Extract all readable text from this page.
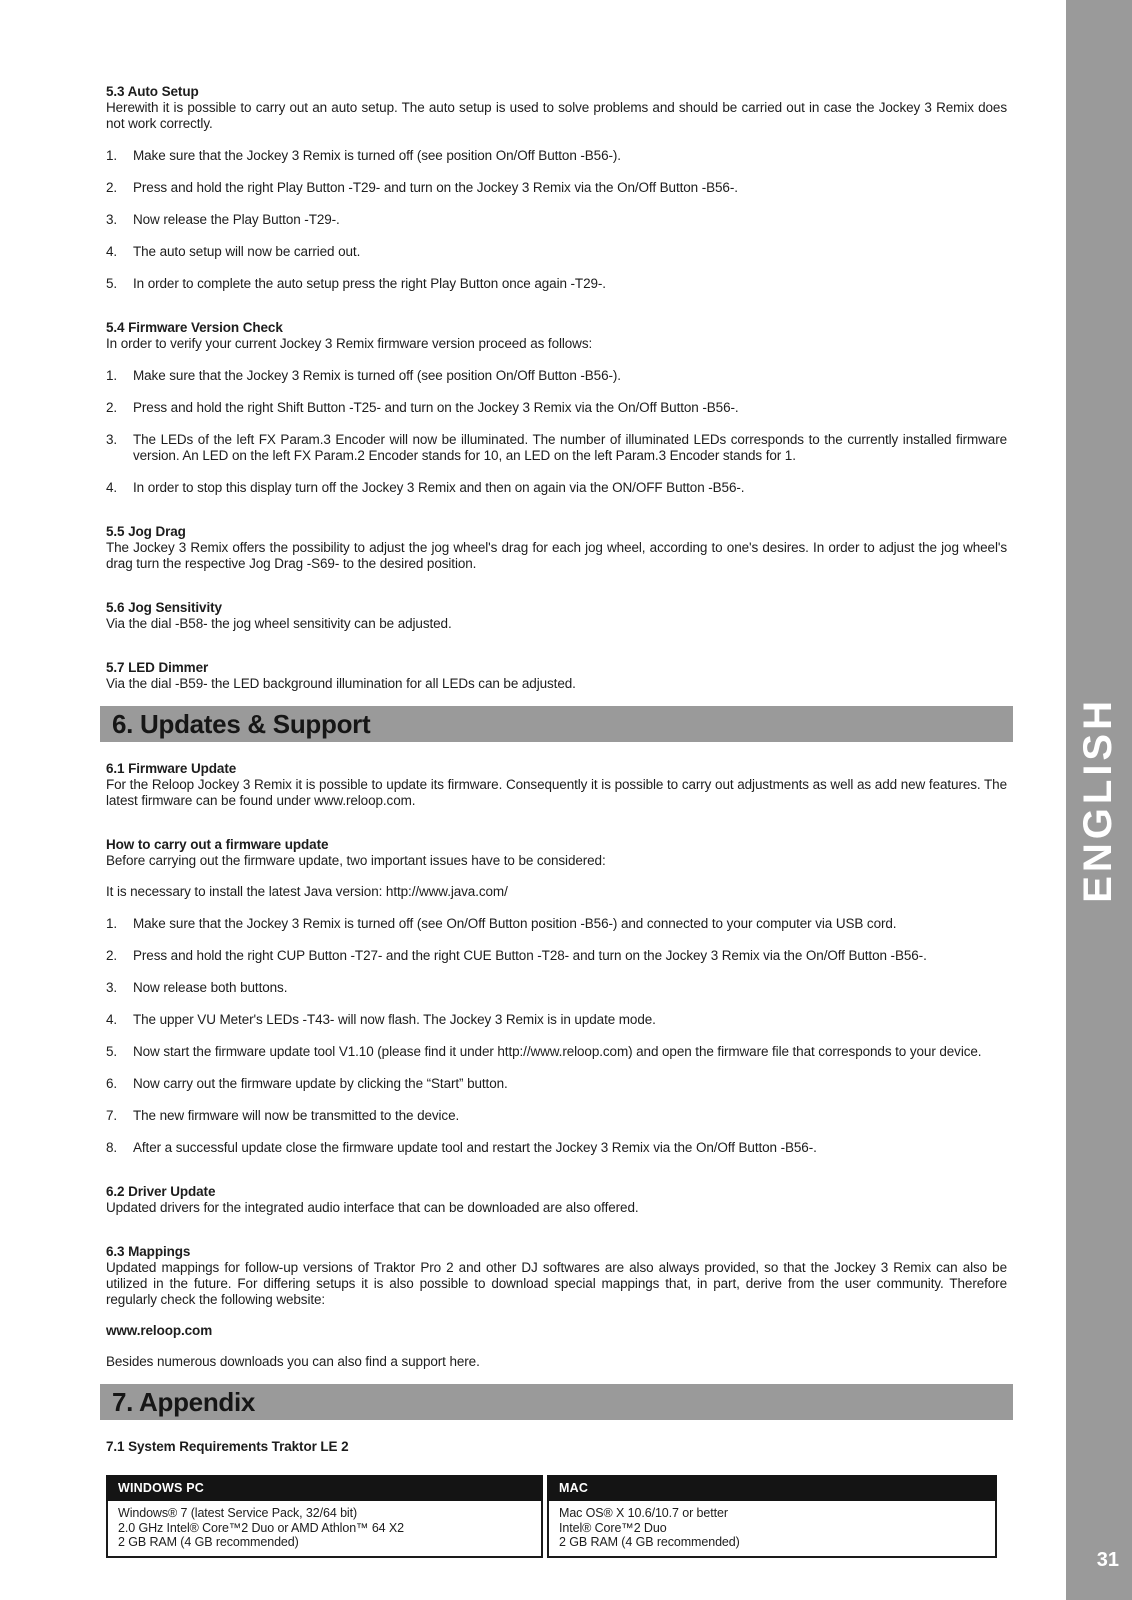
5.3 Auto Setup

Herewith it is possible to carry out an auto setup. The auto setup is used to solve problems and should be carried out in case the Jockey 3 Remix does not work correctly.

1.	Make sure that the Jockey 3 Remix is turned off (see position On/Off Button -B56-).
2.	Press and hold the right Play Button -T29- and turn on the Jockey 3 Remix via the On/Off Button -B56-.
3.	Now release the Play Button -T29-.
4.	The auto setup will now be carried out.
5.	In order to complete the auto setup press the right Play Button once again -T29-.
5.4 Firmware Version Check

In order to verify your current Jockey 3 Remix firmware version proceed as follows:

1.	Make sure that the Jockey 3 Remix is turned off (see position On/Off Button -B56-).
2.	Press and hold the right Shift Button -T25- and turn on the Jockey 3 Remix via the On/Off Button -B56-.
3.	The LEDs of the left FX Param.3 Encoder will now be illuminated. The number of illuminated LEDs corresponds to the currently installed firmware version. An LED on the left FX Param.2 Encoder stands for 10, an LED on the left Param.3 Encoder stands for 1.
4.	In order to stop this display turn off the Jockey 3 Remix and then on again via the ON/OFF Button -B56-.
5.5 Jog Drag

The Jockey 3 Remix offers the possibility to adjust the jog wheel's drag for each jog wheel, according to one's desires. In order to adjust the jog wheel's drag turn the respective Jog Drag -S69- to the desired position.

5.6 Jog Sensitivity

Via the dial -B58- the jog wheel sensitivity can be adjusted.

5.7 LED Dimmer

Via the dial -B59- the LED background illumination for all LEDs can be adjusted.

6. Updates & Support
6.1 Firmware Update

For the Reloop Jockey 3 Remix it is possible to update its firmware. Consequently it is possible to carry out adjustments as well as add new features. The latest firmware can be found under www.reloop.com.

How to carry out a firmware update

Before carrying out the firmware update, two important issues have to be considered:

It is necessary to install the latest Java version: http://www.java.com/

1.	Make sure that the Jockey 3 Remix is turned off (see On/Off Button position -B56-) and connected to your computer via USB cord.
2.	Press and hold the right CUP Button -T27- and the right CUE Button -T28- and turn on the Jockey 3 Remix via the On/Off Button -B56-.
3.	Now release both buttons.
4.	The upper VU Meter's LEDs -T43- will now flash. The Jockey 3 Remix is in update mode.
5.	Now start the firmware update tool V1.10 (please find it under http://www.reloop.com) and open the firmware file that corresponds to your device.
6.	Now carry out the firmware update by clicking the “Start” button.
7.	The new firmware will now be transmitted to the device.
8.	After a successful update close the firmware update tool and restart the Jockey 3 Remix via the On/Off Button -B56-.
6.2 Driver Update

Updated drivers for the integrated audio interface that can be downloaded are also offered.

6.3 Mappings

Updated mappings for follow-up versions of Traktor Pro 2 and other DJ softwares are also always provided, so that the Jockey 3 Remix can also be utilized in the future. For differing setups it is also possible to download special mappings that, in part, derive from the user community. Therefore regularly check the following website:

www.reloop.com

Besides numerous downloads you can also find a support here.

7. Appendix
7.1 System Requirements Traktor LE 2
WINDOWS PC
Windows® 7 (latest Service Pack, 32/64 bit)
2.0 GHz Intel® Core™2 Duo or AMD Athlon™ 64 X2
2 GB RAM (4 GB recommended)
MAC
Mac OS® X 10.6/10.7 or better
Intel® Core™2 Duo
2 GB RAM (4 GB recommended)
ENGLISH
31
